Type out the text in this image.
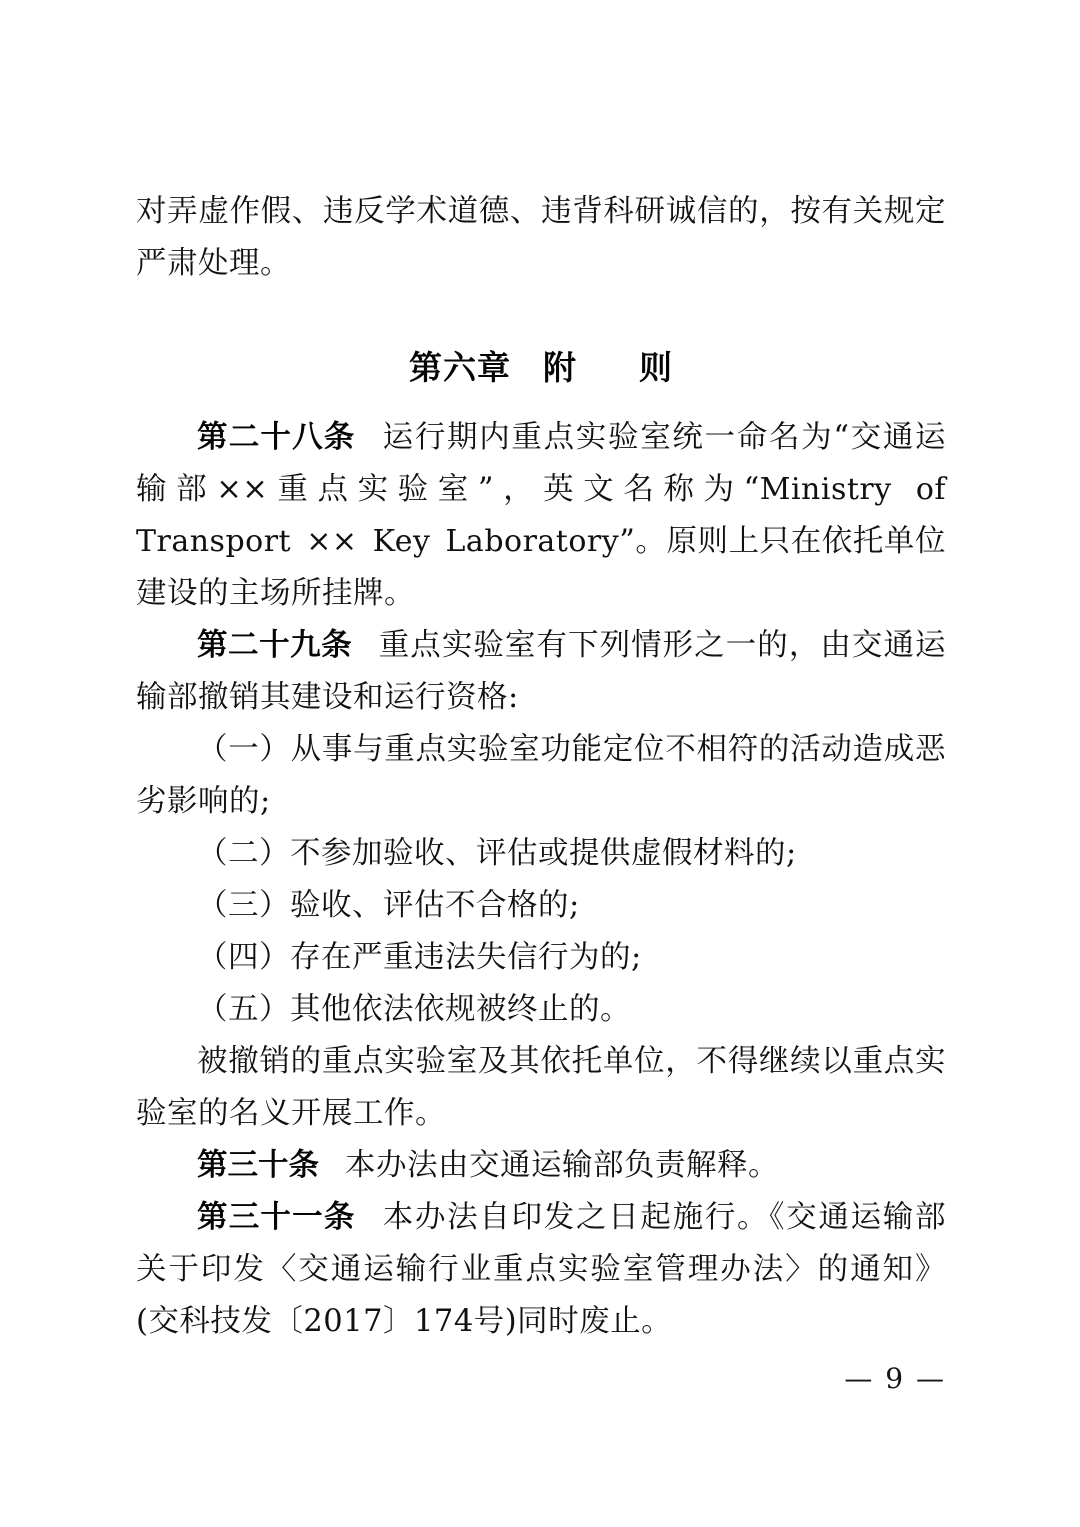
对弄虚作假、违反学术道德、违背科研诚信的，按有关规定严肃处理。

第六章 附 则

第二十八条 运行期内重点实验室统一命名为“交通运输部××重点实验室”，英文名称为“Ministry of Transport ×× Key Laboratory”。原则上只在依托单位建设的主场所挂牌。

第二十九条 重点实验室有下列情形之一的，由交通运输部撤销其建设和运行资格:

（一）从事与重点实验室功能定位不相符的活动造成恶劣影响的;

（二）不参加验收、评估或提供虚假材料的;

（三）验收、评估不合格的;

（四）存在严重违法失信行为的;

（五）其他依法依规被终止的。

被撤销的重点实验室及其依托单位，不得继续以重点实验室的名义开展工作。

第三十条 本办法由交通运输部负责解释。

第三十一条 本办法自印发之日起施行。《交通运输部关于印发〈交通运输行业重点实验室管理办法〉的通知》(交科技发〔2017〕174号)同时废止。

— 9 —
